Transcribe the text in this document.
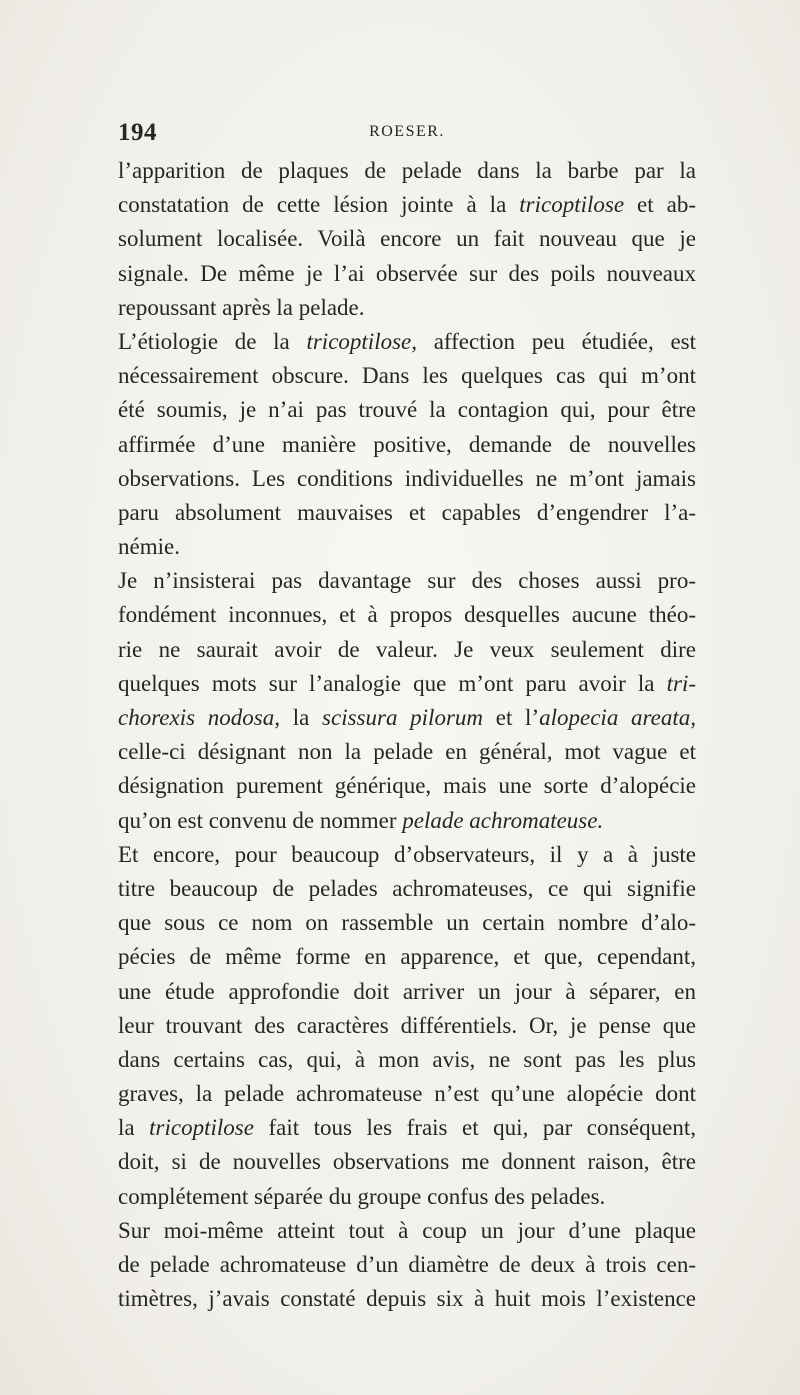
194	ROESER.
l’apparition de plaques de pelade dans la barbe par la
constatation de cette lésion jointe à la tricoptilose et ab-
solument localisée. Voilà encore un fait nouveau que je
signale. De même je l’ai observée sur des poils nouveaux
repoussant après la pelade.
L’étiologie de la tricoptilose, affection peu étudiée, est
nécessairement obscure. Dans les quelques cas qui m’ont
été soumis, je n’ai pas trouvé la contagion qui, pour être
affirmée d’une manière positive, demande de nouvelles
observations. Les conditions individuelles ne m’ont jamais
paru absolument mauvaises et capables d’engendrer l’a-
némie.
Je n’insisterai pas davantage sur des choses aussi pro-
fondément inconnues, et à propos desquelles aucune théo-
rie ne saurait avoir de valeur. Je veux seulement dire
quelques mots sur l’analogie que m’ont paru avoir la tri-
chorexis nodosa, la scissura pilorum et l’alopecia areata,
celle-ci désignant non la pelade en général, mot vague et
désignation purement générique, mais une sorte d’alopécie
qu’on est convenu de nommer pelade achromateuse.
Et encore, pour beaucoup d’observateurs, il y a à juste
titre beaucoup de pelades achromateuses, ce qui signifie
que sous ce nom on rassemble un certain nombre d’alo-
pécies de même forme en apparence, et que, cependant,
une étude approfondie doit arriver un jour à séparer, en
leur trouvant des caractères différentiels. Or, je pense que
dans certains cas, qui, à mon avis, ne sont pas les plus
graves, la pelade achromateuse n’est qu’une alopécie dont
la tricoptilose fait tous les frais et qui, par conséquent,
doit, si de nouvelles observations me donnent raison, être
complétement séparée du groupe confus des pelades.
Sur moi-même atteint tout à coup un jour d’une plaque
de pelade achromateuse d’un diamètre de deux à trois cen-
timètres, j’avais constaté depuis six à huit mois l’existence
